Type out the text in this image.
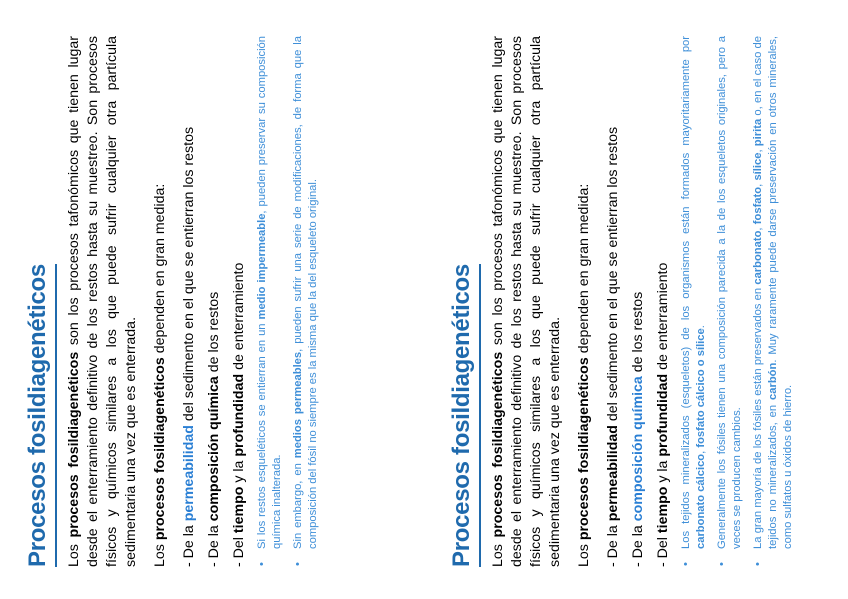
Procesos fosildiagenéticos Los procesos fosildiagenéticos son los procesos tafonómicos que tienen lugar desde el enterramiento definitivo de los restos hasta su muestreo. Son procesos físicos y químicos similares a los que puede sufrir cualquier otra partícula sedimentaria una vez que es enterrada. Los procesos fosildiagenéticos dependen en gran medida:

- De la permeabilidad del sedimento en el que se entierran los restos
- De la composición química de los restos
- Del tiempo y la profundidad de enterramiento
• Si los restos esqueléticos se entierran en un medio impermeable, pueden preservar su composición química inalterada. • Sin embargo, en medios permeables, pueden sufrir una serie de modificaciones, de forma que la composición del fósil no siempre es la misma que la del esqueleto original.	Procesos fosildiagenéticos Los procesos fosildiagenéticos son los procesos tafonómicos que tienen lugar desde el enterramiento definitivo de los restos hasta su muestreo. Son procesos físicos y químicos similares a los que puede sufrir cualquier otra partícula sedimentaria una vez que es enterrada. Los procesos fosildiagenéticos dependen en gran medida:

- De la permeabilidad del sedimento en el que se entierran los restos
- De la composición química de los restos
- Del tiempo y la profundidad de enterramiento • Los tejidos mineralizados (esqueletos) de los organismos están formados mayoritariamente por carbonato cálcico, fosfato cálcico o sílice. • Generalmente los fósiles tienen una composición parecida a la de los esqueletos originales, pero a veces se producen cambios. • La gran mayoría de los fósiles están preservados en carbonato, fosfato, sílice, pirita o, en el caso de tejidos no mineralizados, en carbón. Muy raramente puede darse preservación en otros minerales, como sulfatos u óxidos de hierro.
